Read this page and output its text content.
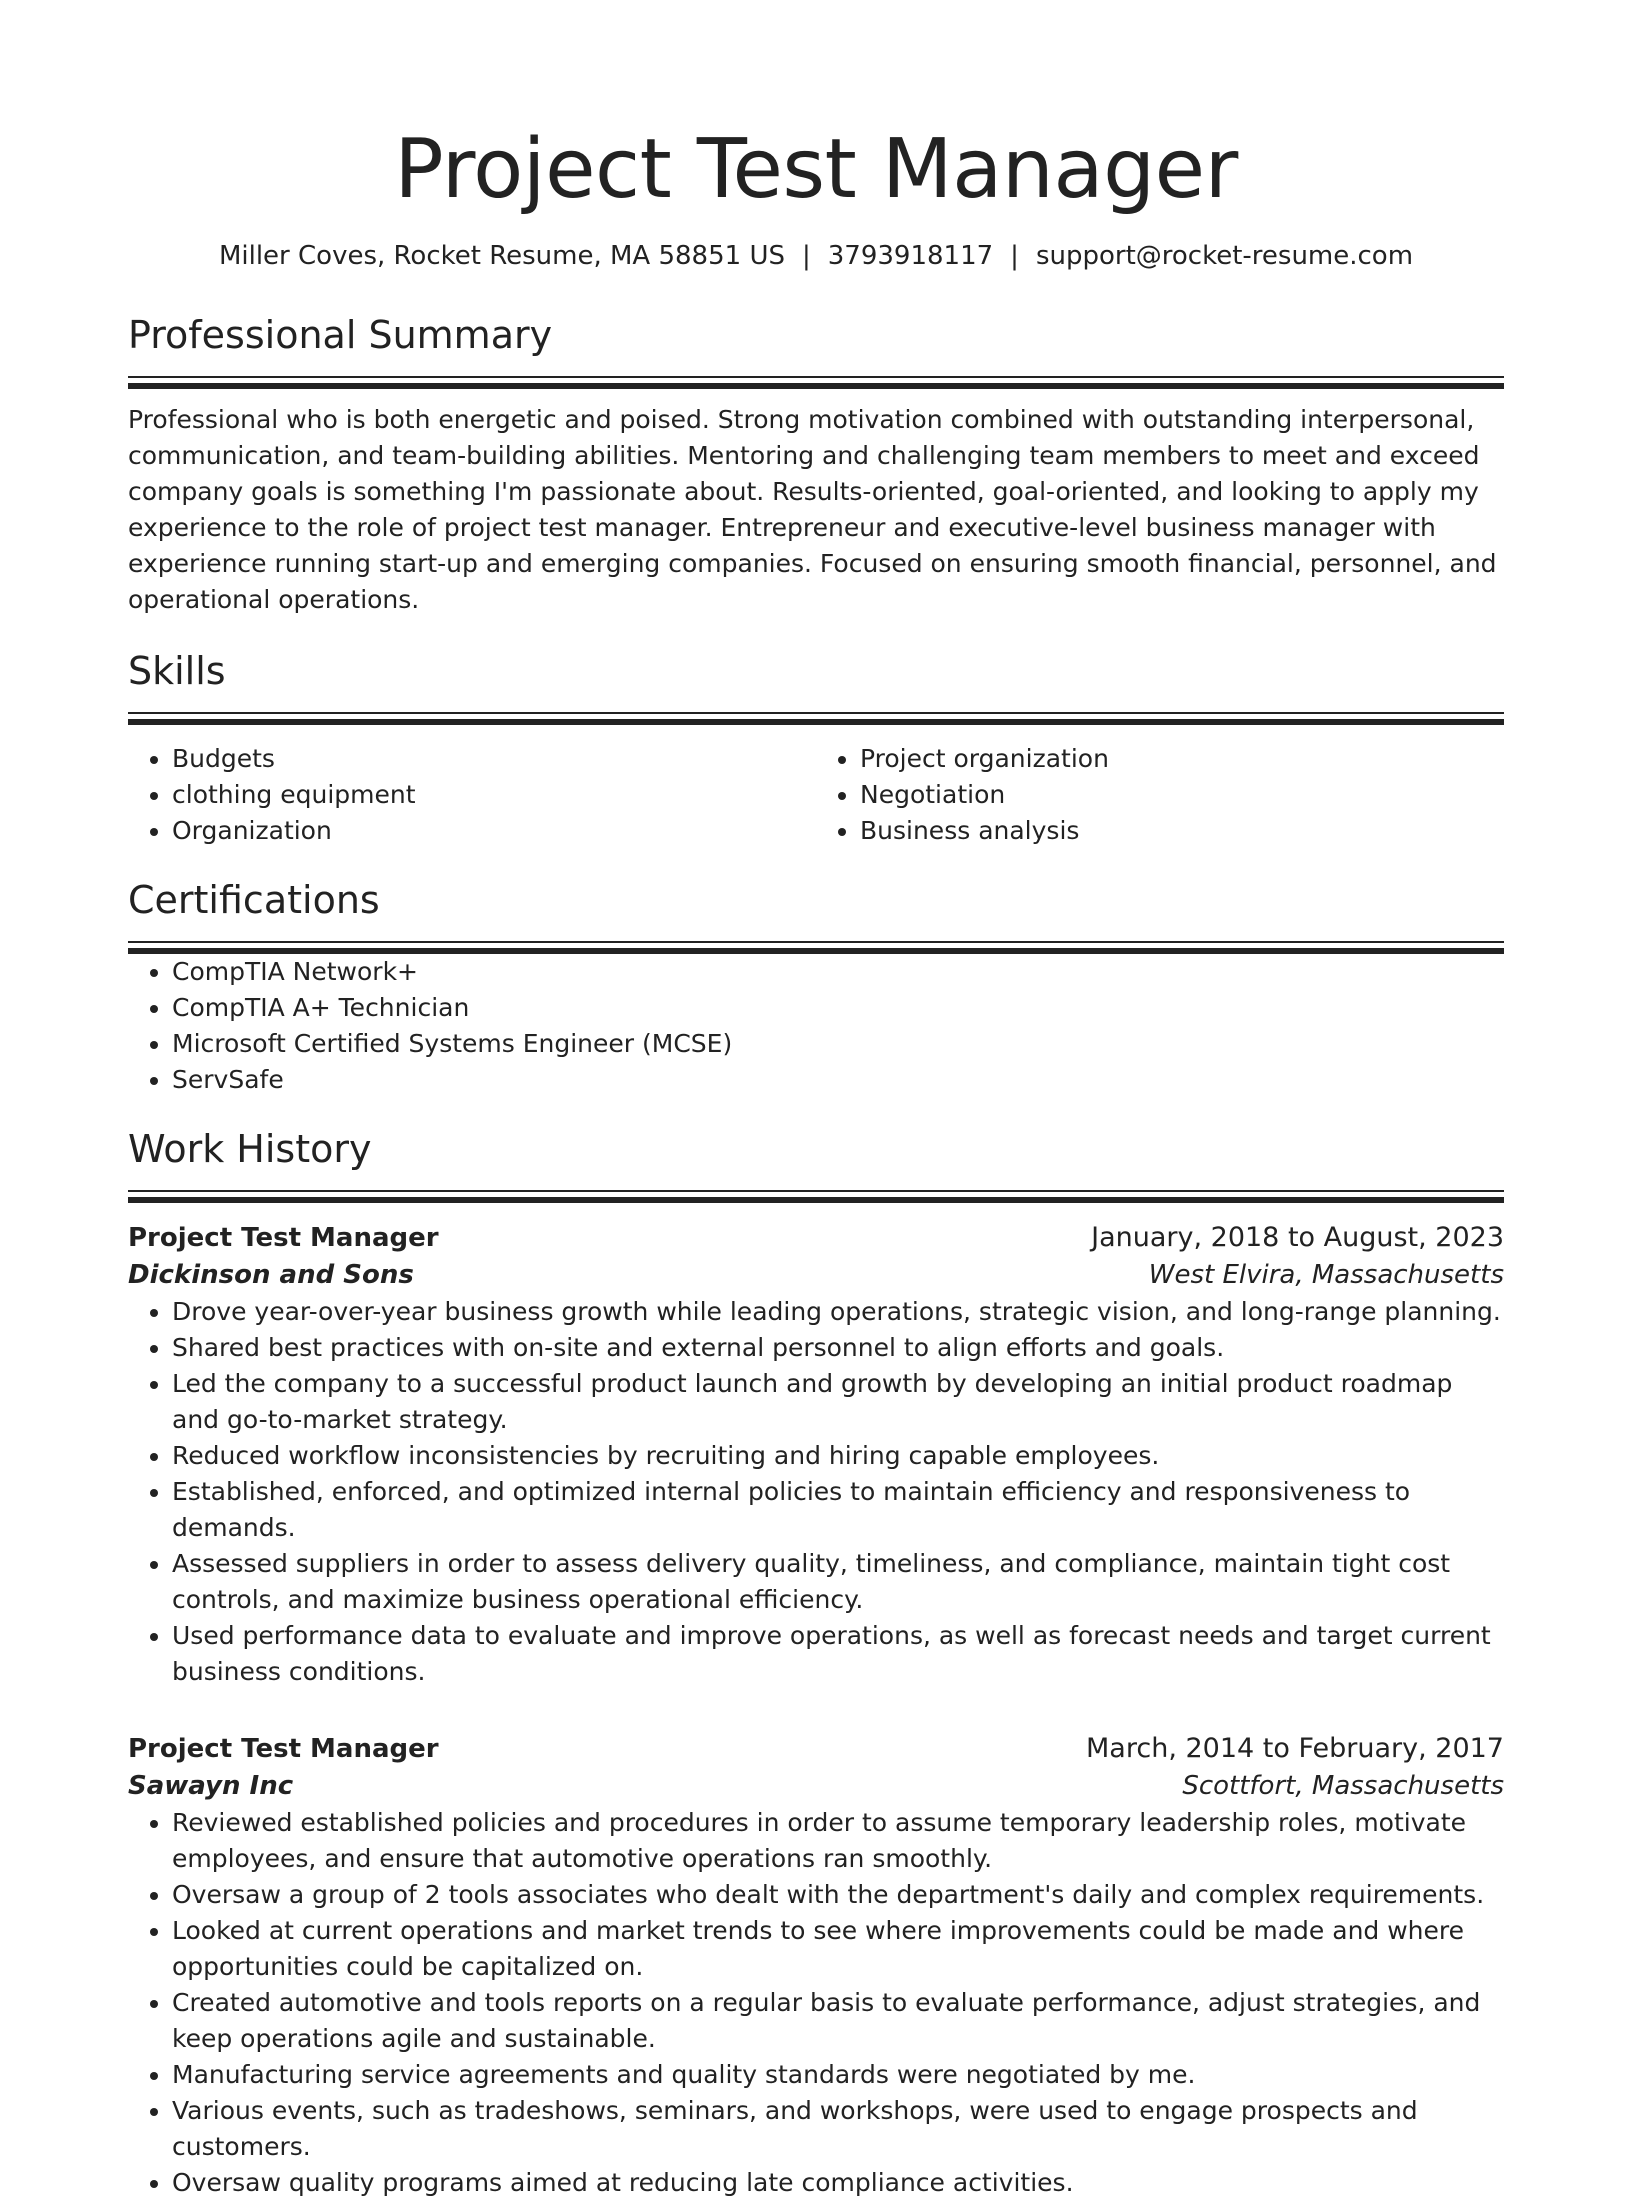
Project Test Manager
Miller Coves, Rocket Resume, MA 58851 US | 3793918117 | support@rocket-resume.com
Professional Summary

Professional who is both energetic and poised. Strong motivation combined with outstanding interpersonal, communication, and team-building abilities. Mentoring and challenging team members to meet and exceed company goals is something I'm passionate about. Results-oriented, goal-oriented, and looking to apply my experience to the role of project test manager. Entrepreneur and executive-level business manager with experience running start-up and emerging companies. Focused on ensuring smooth financial, personnel, and operational operations.

Skills
• Budgets
• clothing equipment
• Organization
• Project organization
• Negotiation
• Business analysis
Certifications
• CompTIA Network+
• CompTIA A+ Technician
• Microsoft Certified Systems Engineer (MCSE)
• ServSafe
Work History
Project Test Manager	January, 2018 to August, 2023
Dickinson and Sons	West Elvira, Massachusetts
• Drove year-over-year business growth while leading operations, strategic vision, and long-range planning.
• Shared best practices with on-site and external personnel to align efforts and goals.
• Led the company to a successful product launch and growth by developing an initial product roadmap and go-to-market strategy.
• Reduced workflow inconsistencies by recruiting and hiring capable employees.
• Established, enforced, and optimized internal policies to maintain efficiency and responsiveness to demands.
• Assessed suppliers in order to assess delivery quality, timeliness, and compliance, maintain tight cost controls, and maximize business operational efficiency.
• Used performance data to evaluate and improve operations, as well as forecast needs and target current business conditions.
Project Test Manager	March, 2014 to February, 2017
Sawayn Inc	Scottfort, Massachusetts
• Reviewed established policies and procedures in order to assume temporary leadership roles, motivate employees, and ensure that automotive operations ran smoothly.
• Oversaw a group of 2 tools associates who dealt with the department's daily and complex requirements.
• Looked at current operations and market trends to see where improvements could be made and where opportunities could be capitalized on.
• Created automotive and tools reports on a regular basis to evaluate performance, adjust strategies, and keep operations agile and sustainable.
• Manufacturing service agreements and quality standards were negotiated by me.
• Various events, such as tradeshows, seminars, and workshops, were used to engage prospects and customers.
• Oversaw quality programs aimed at reducing late compliance activities.
